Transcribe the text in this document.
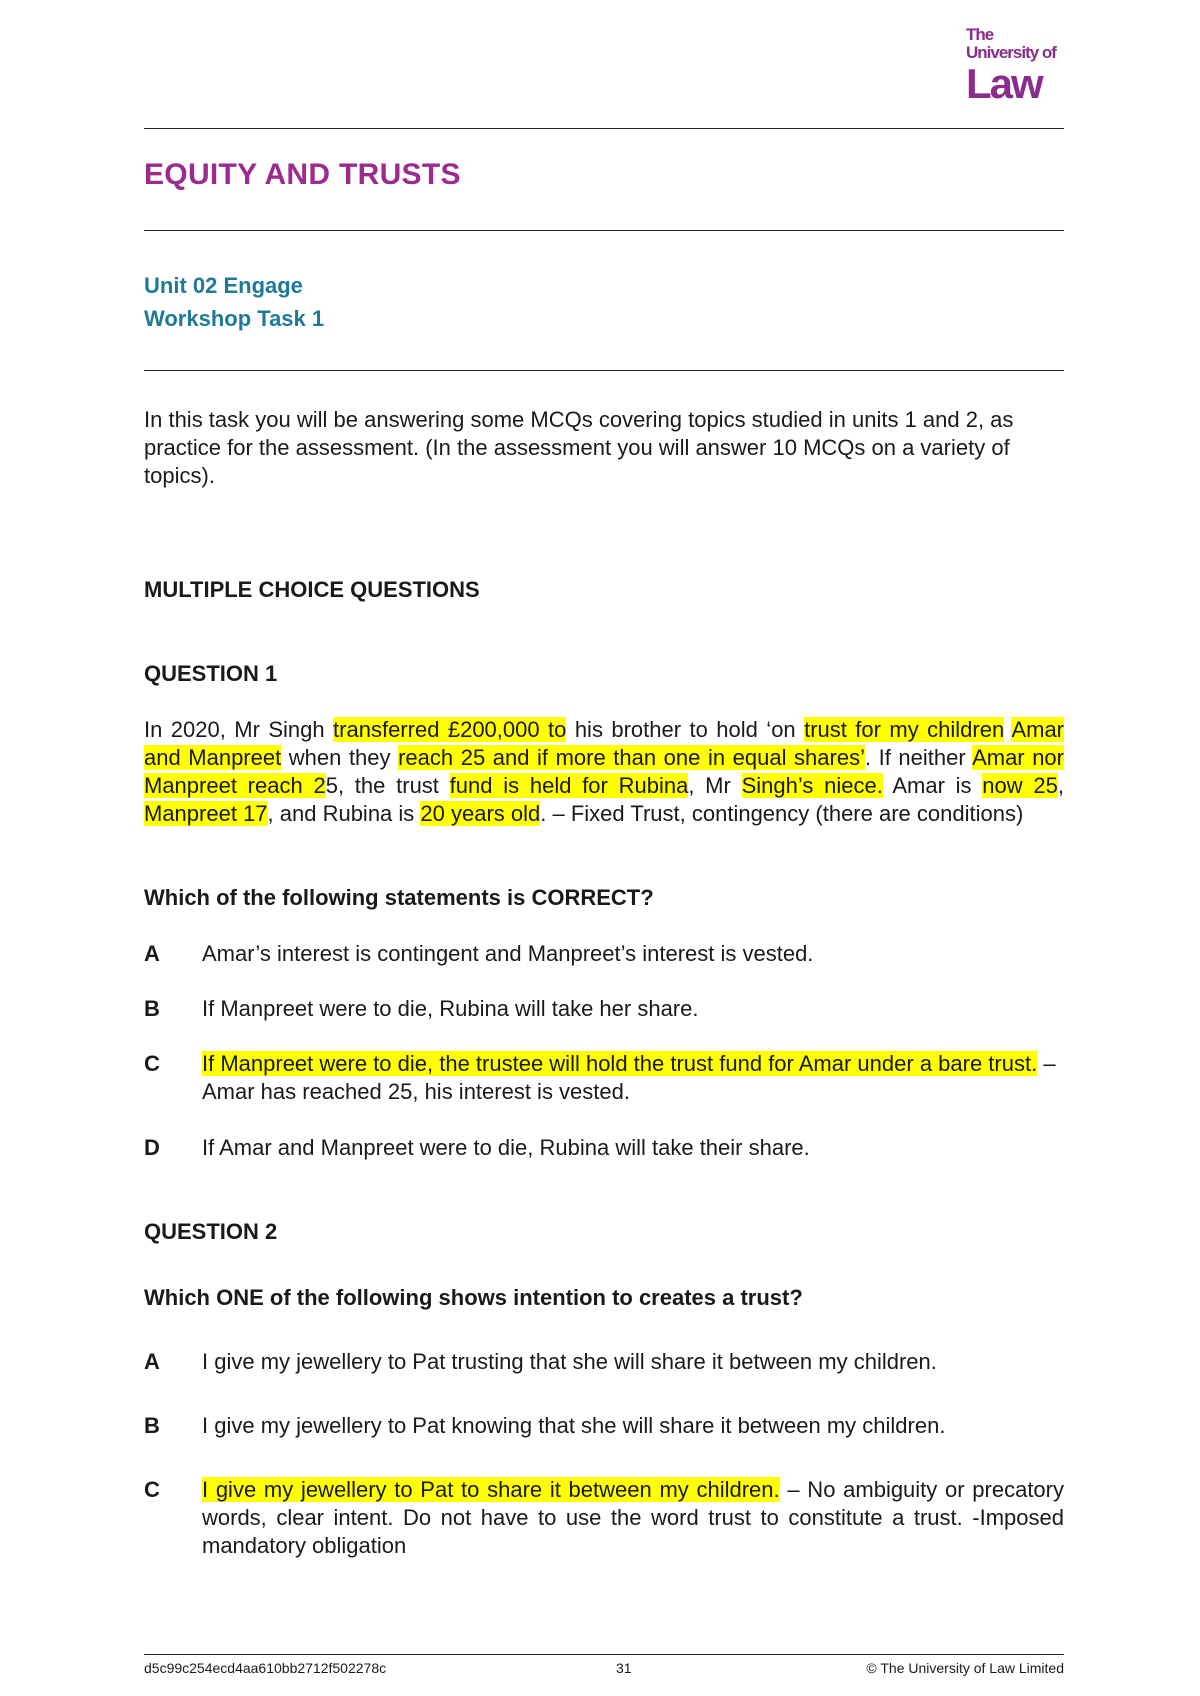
The
University of
Law
EQUITY AND TRUSTS

Unit 02 Engage

Workshop Task 1

In this task you will be answering some MCQs covering topics studied in units 1 and 2, as practice for the assessment. (In the assessment you will answer 10 MCQs on a variety of topics).

MULTIPLE CHOICE QUESTIONS

QUESTION 1

In 2020, Mr Singh transferred £200,000 to his brother to hold ‘on trust for my children Amar and Manpreet when they reach 25 and if more than one in equal shares’. If neither Amar nor Manpreet reach 25, the trust fund is held for Rubina, Mr Singh’s niece. Amar is now 25, Manpreet 17, and Rubina is 20 years old. – Fixed Trust, contingency (there are conditions)

Which of the following statements is CORRECT?

A Amar’s interest is contingent and Manpreet’s interest is vested.
B If Manpreet were to die, Rubina will take her share.
C If Manpreet were to die, the trustee will hold the trust fund for Amar under a bare trust. – Amar has reached 25, his interest is vested.
D If Amar and Manpreet were to die, Rubina will take their share.

QUESTION 2

Which ONE of the following shows intention to creates a trust?

A I give my jewellery to Pat trusting that she will share it between my children.
B I give my jewellery to Pat knowing that she will share it between my children.
C I give my jewellery to Pat to share it between my children. – No ambiguity or precatory words, clear intent. Do not have to use the word trust to constitute a trust. -Imposed mandatory obligation
d5c99c254ecd4aa610bb2712f502278c	31	© The University of Law Limited
